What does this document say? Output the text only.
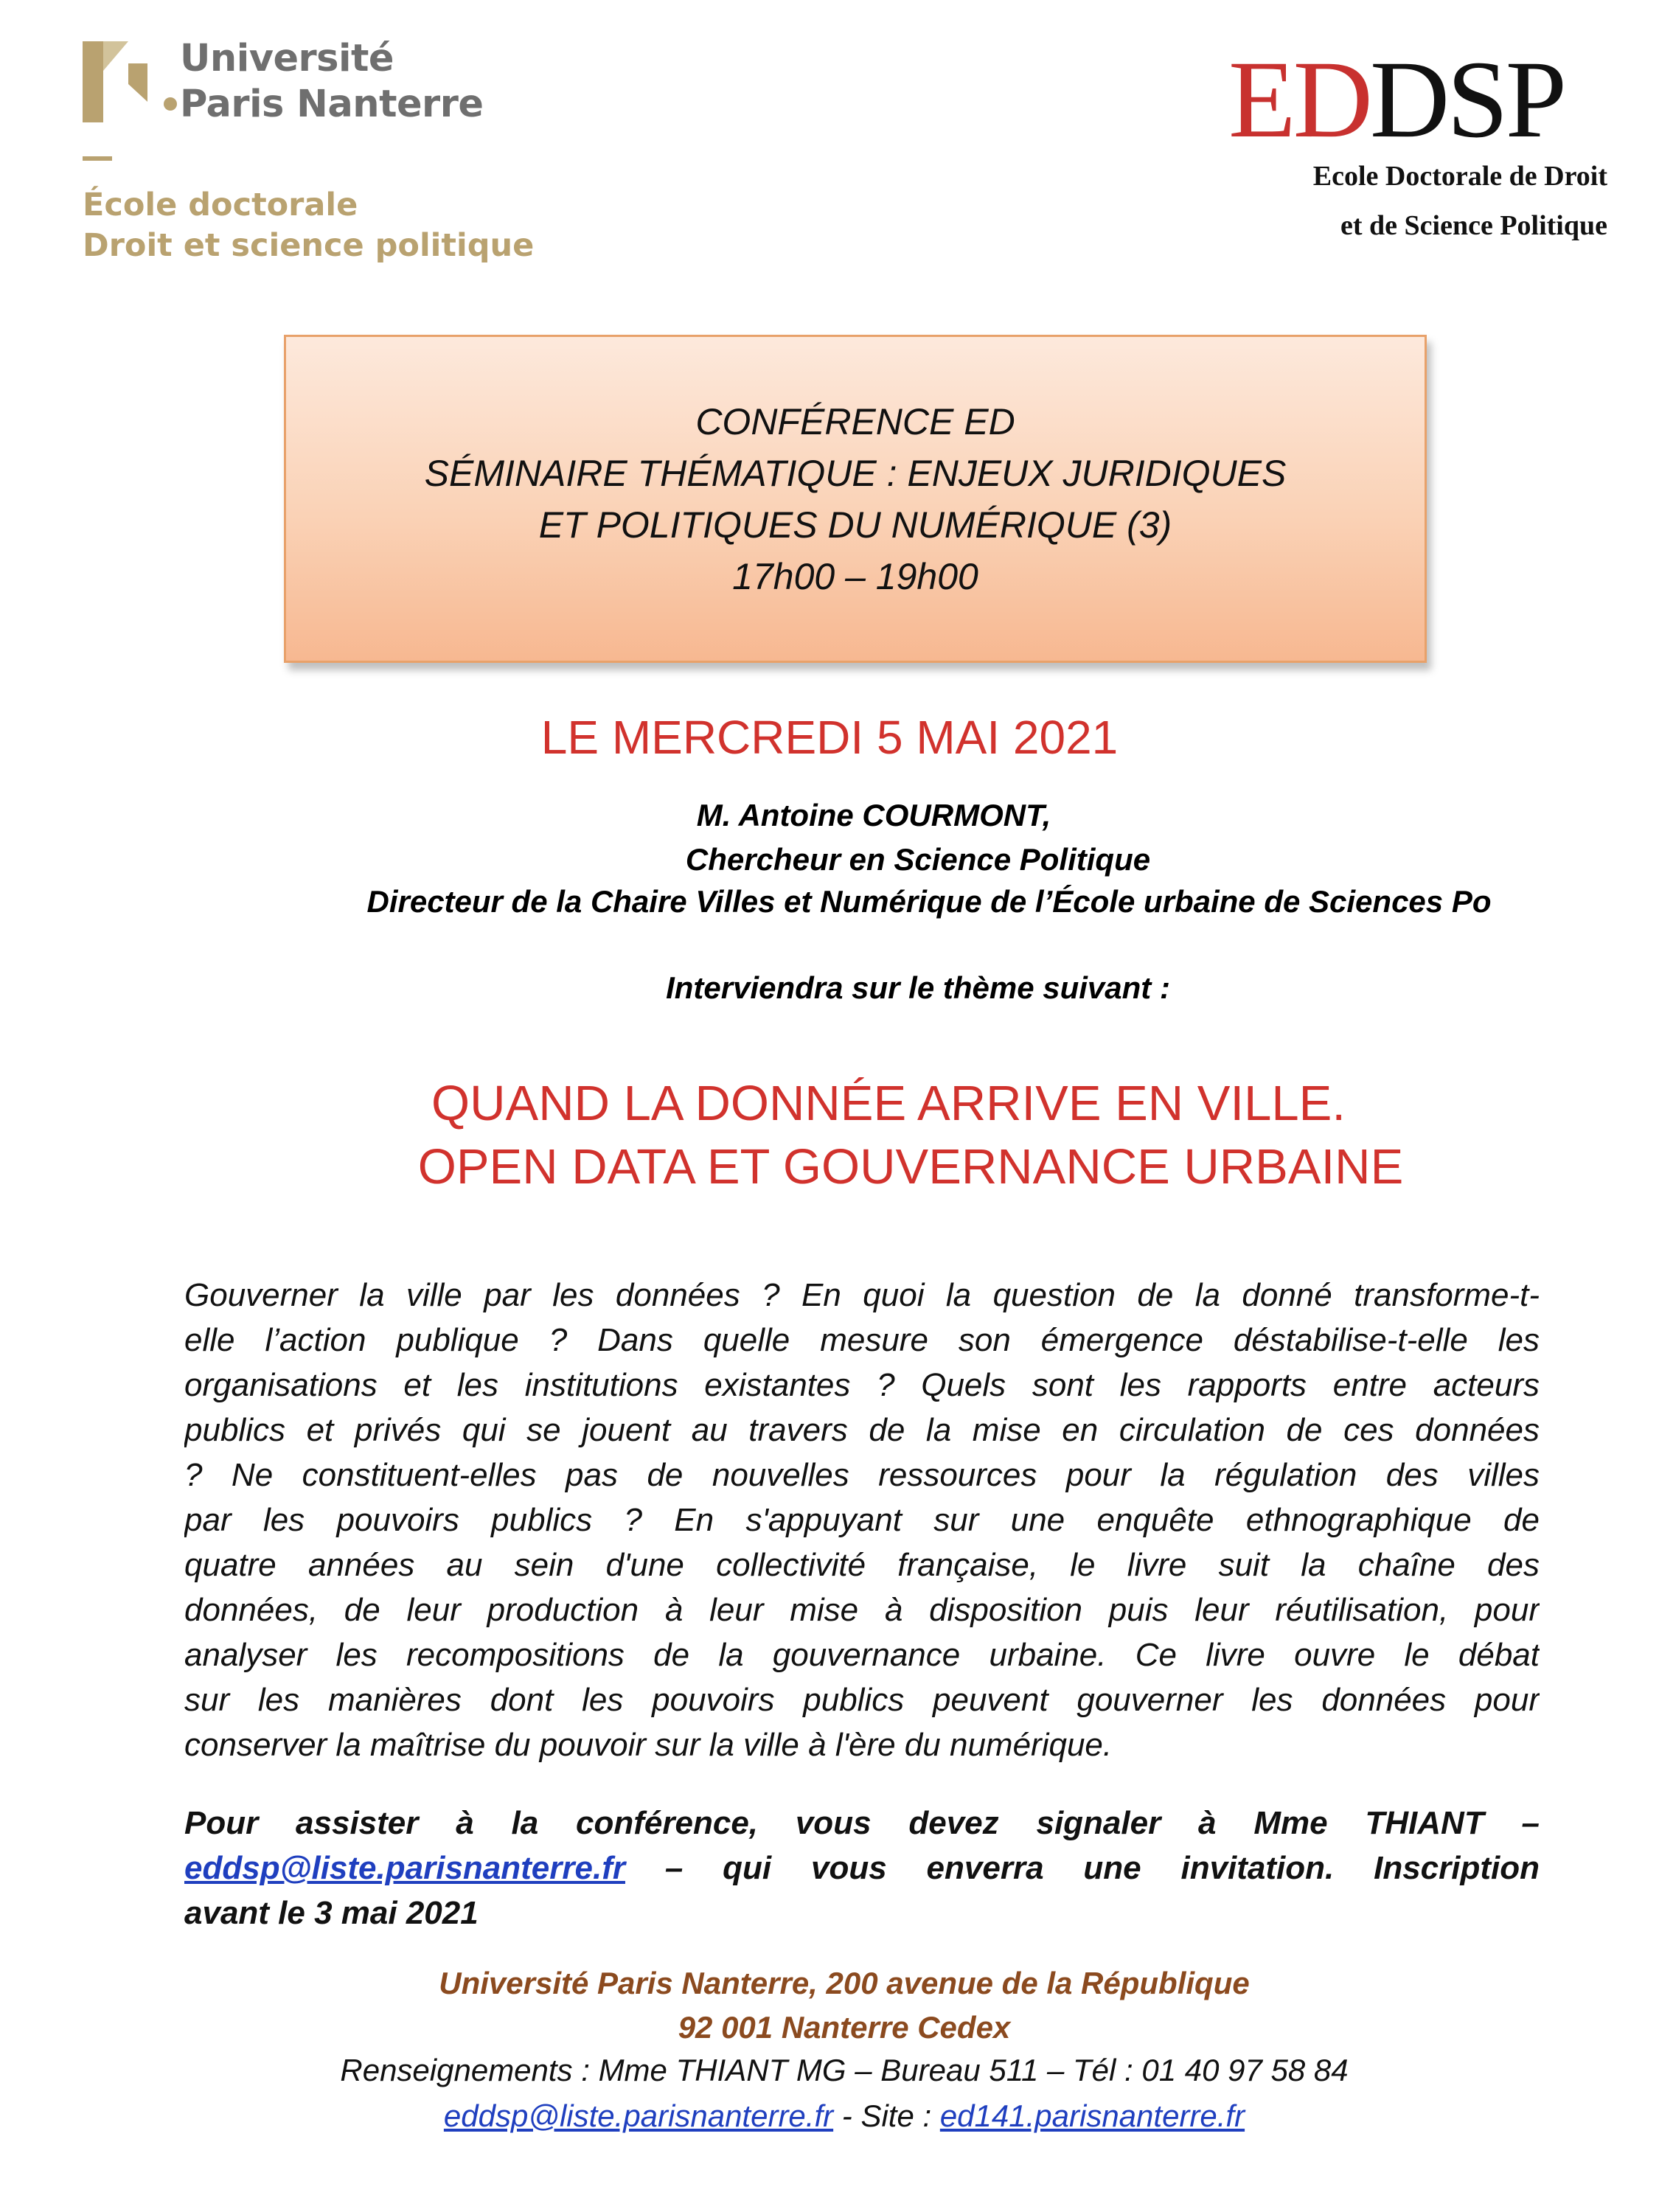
Université
Paris Nanterre
École doctorale
Droit et science politique
EDDSP
Ecole Doctorale de Droit
et de Science Politique
CONFÉRENCE ED
SÉMINAIRE THÉMATIQUE : ENJEUX JURIDIQUES
ET POLITIQUES DU NUMÉRIQUE (3)
17h00 – 19h00
LE MERCREDI 5 MAI 2021
M. Antoine COURMONT,
Chercheur en Science Politique
Directeur de la Chaire Villes et Numérique de l’École urbaine de Sciences Po
Interviendra sur le thème suivant :
QUAND LA DONNÉE ARRIVE EN VILLE.
OPEN DATA ET GOUVERNANCE URBAINE
Gouverner la ville par les données ? En quoi la question de la donné transforme-t-
elle l’action publique ? Dans quelle mesure son émergence déstabilise-t-elle les
organisations et les institutions existantes ? Quels sont les rapports entre acteurs
publics et privés qui se jouent au travers de la mise en circulation de ces données
? Ne constituent-elles pas de nouvelles ressources pour la régulation des villes
par les pouvoirs publics ? En s'appuyant sur une enquête ethnographique de
quatre années au sein d'une collectivité française, le livre suit la chaîne des
données, de leur production à leur mise à disposition puis leur réutilisation, pour
analyser les recompositions de la gouvernance urbaine. Ce livre ouvre le débat
sur les manières dont les pouvoirs publics peuvent gouverner les données pour
conserver la maîtrise du pouvoir sur la ville à l'ère du numérique.
Pour assister à la conférence, vous devez signaler à Mme THIANT –
eddsp@liste.parisnanterre.fr – qui vous enverra une invitation. Inscription
avant le 3 mai 2021
Université Paris Nanterre, 200 avenue de la République
92 001 Nanterre Cedex
Renseignements : Mme THIANT MG – Bureau 511 – Tél : 01 40 97 58 84
eddsp@liste.parisnanterre.fr - Site : ed141.parisnanterre.fr
